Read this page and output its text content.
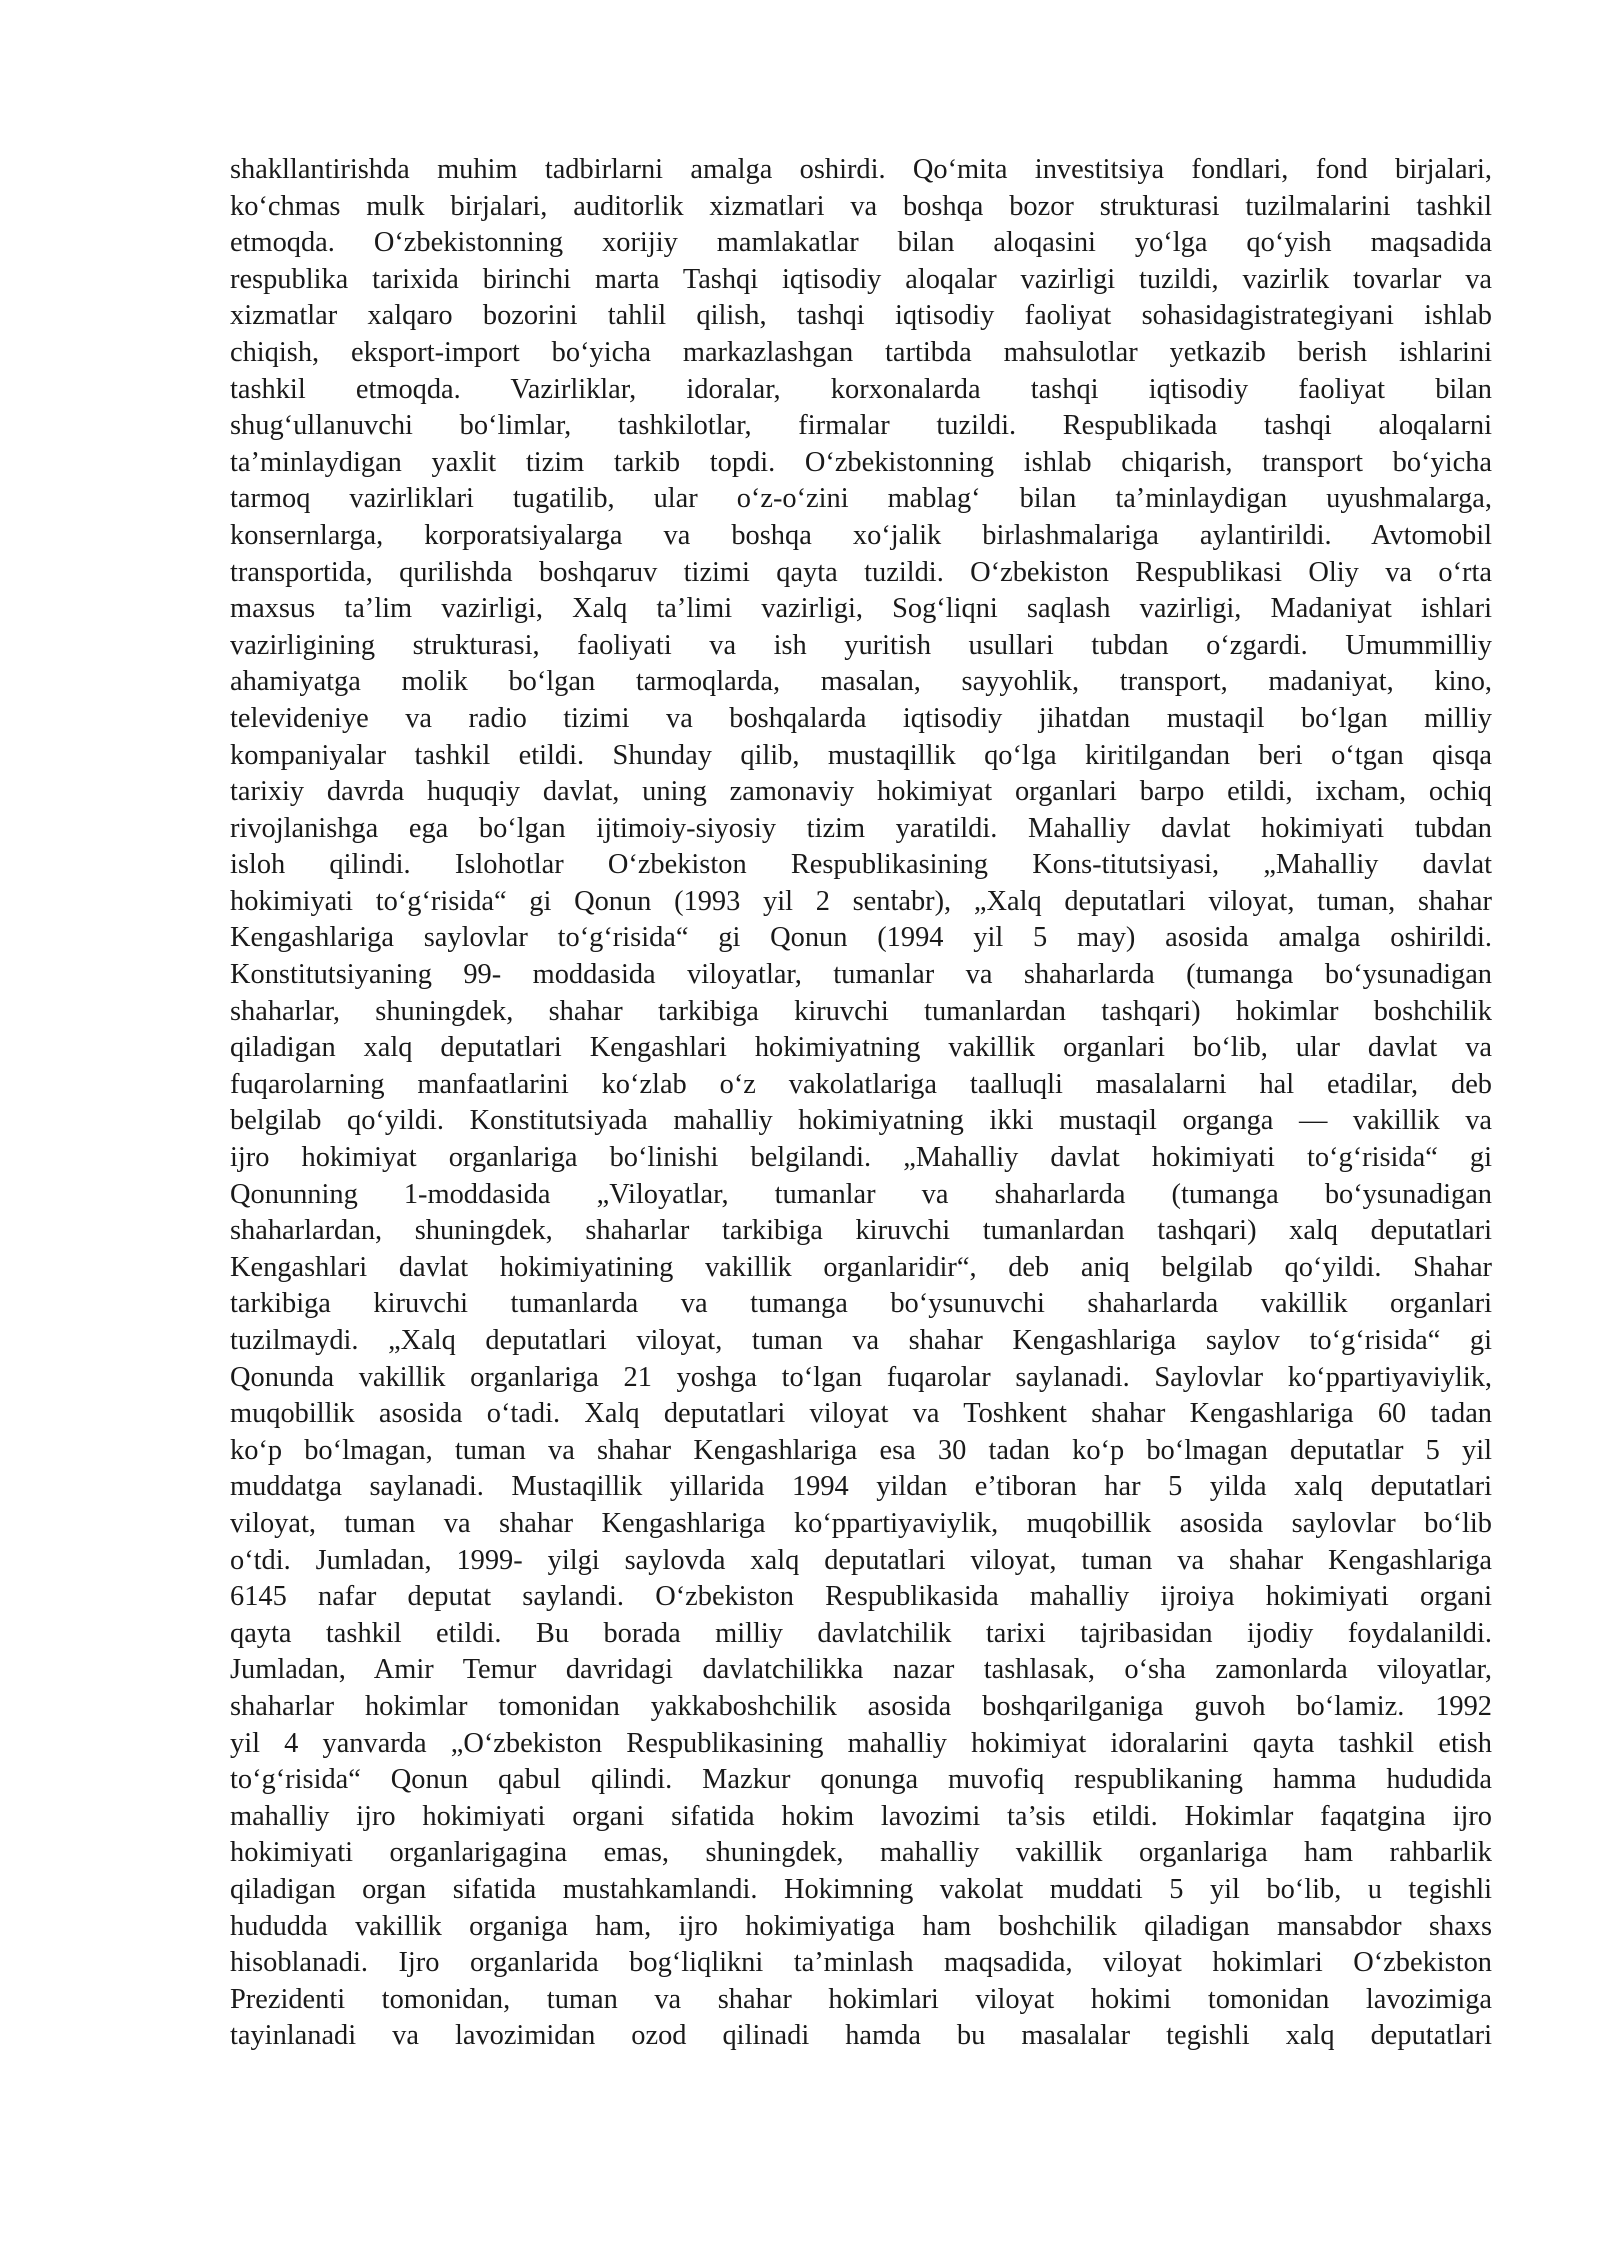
shakllantirishda muhim tadbirlarni amalga oshirdi. Qo‘mita investitsiya fondlari, fond birjalari,
ko‘chmas mulk birjalari, auditorlik xizmatlari va boshqa bozor strukturasi tuzilmalarini tashkil
etmoqda. O‘zbekistonning xorijiy mamlakatlar bilan aloqasini yo‘lga qo‘yish maqsadida
respublika tarixida birinchi marta Tashqi iqtisodiy aloqalar vazirligi tuzildi, vazirlik tovarlar va
xizmatlar xalqaro bozorini tahlil qilish, tashqi iqtisodiy faoliyat sohasidagistrategiyani ishlab
chiqish, eksport-import bo‘yicha markazlashgan tartibda mahsulotlar yetkazib berish ishlarini
tashkil etmoqda. Vazirliklar, idoralar, korxonalarda tashqi iqtisodiy faoliyat bilan
shug‘ullanuvchi bo‘limlar, tashkilotlar, firmalar tuzildi. Respublikada tashqi aloqalarni
ta’minlaydigan yaxlit tizim tarkib topdi. O‘zbekistonning ishlab chiqarish, transport bo‘yicha
tarmoq vazirliklari tugatilib, ular o‘z-o‘zini mablag‘ bilan ta’minlaydigan uyushmalarga,
konsernlarga, korporatsiyalarga va boshqa xo‘jalik birlashmalariga aylantirildi. Avtomobil
transportida, qurilishda boshqaruv tizimi qayta tuzildi. O‘zbekiston Respublikasi Oliy va o‘rta
maxsus ta’lim vazirligi, Xalq ta’limi vazirligi, Sog‘liqni saqlash vazirligi, Madaniyat ishlari
vazirligining strukturasi, faoliyati va ish yuritish usullari tubdan o‘zgardi. Umummilliy
ahamiyatga molik bo‘lgan tarmoqlarda, masalan, sayyohlik, transport, madaniyat, kino,
televideniye va radio tizimi va boshqalarda iqtisodiy jihatdan mustaqil bo‘lgan milliy
kompaniyalar tashkil etildi. Shunday qilib, mustaqillik qo‘lga kiritilgandan beri o‘tgan qisqa
tarixiy davrda huquqiy davlat, uning zamonaviy hokimiyat organlari barpo etildi, ixcham, ochiq
rivojlanishga ega bo‘lgan ijtimoiy-siyosiy tizim yaratildi. Mahalliy davlat hokimiyati tubdan
isloh qilindi. Islohotlar O‘zbekiston Respublikasining Kons-titutsiyasi, „Mahalliy davlat
hokimiyati to‘g‘risida“ gi Qonun (1993 yil 2 sentabr), „Xalq deputatlari viloyat, tuman, shahar
Kengashlariga saylovlar to‘g‘risida“ gi Qonun (1994 yil 5 may) asosida amalga oshirildi.
Konstitutsiyaning 99- moddasida viloyatlar, tumanlar va shaharlarda (tumanga bo‘ysunadigan
shaharlar, shuningdek, shahar tarkibiga kiruvchi tumanlardan tashqari) hokimlar boshchilik
qiladigan xalq deputatlari Kengashlari hokimiyatning vakillik organlari bo‘lib, ular davlat va
fuqarolarning manfaatlarini ko‘zlab o‘z vakolatlariga taalluqli masalalarni hal etadilar, deb
belgilab qo‘yildi. Konstitutsiyada mahalliy hokimiyatning ikki mustaqil organga — vakillik va
ijro hokimiyat organlariga bo‘linishi belgilandi. „Mahalliy davlat hokimiyati to‘g‘risida“ gi
Qonunning 1-moddasida „Viloyatlar, tumanlar va shaharlarda (tumanga bo‘ysunadigan
shaharlardan, shuningdek, shaharlar tarkibiga kiruvchi tumanlardan tashqari) xalq deputatlari
Kengashlari davlat hokimiyatining vakillik organlaridir“, deb aniq belgilab qo‘yildi. Shahar
tarkibiga kiruvchi tumanlarda va tumanga bo‘ysunuvchi shaharlarda vakillik organlari
tuzilmaydi. „Xalq deputatlari viloyat, tuman va shahar Kengashlariga saylov to‘g‘risida“ gi
Qonunda vakillik organlariga 21 yoshga to‘lgan fuqarolar saylanadi. Saylovlar ko‘ppartiyaviylik,
muqobillik asosida o‘tadi. Xalq deputatlari viloyat va Toshkent shahar Kengashlariga 60 tadan
ko‘p bo‘lmagan, tuman va shahar Kengashlariga esa 30 tadan ko‘p bo‘lmagan deputatlar 5 yil
muddatga saylanadi. Mustaqillik yillarida 1994 yildan e’tiboran har 5 yilda xalq deputatlari
viloyat, tuman va shahar Kengashlariga ko‘ppartiyaviylik, muqobillik asosida saylovlar bo‘lib
o‘tdi. Jumladan, 1999- yilgi saylovda xalq deputatlari viloyat, tuman va shahar Kengashlariga
6145 nafar deputat saylandi. O‘zbekiston Respublikasida mahalliy ijroiya hokimiyati organi
qayta tashkil etildi. Bu borada milliy davlatchilik tarixi tajribasidan ijodiy foydalanildi.
Jumladan, Amir Temur davridagi davlatchilikka nazar tashlasak, o‘sha zamonlarda viloyatlar,
shaharlar hokimlar tomonidan yakkaboshchilik asosida boshqarilganiga guvoh bo‘lamiz. 1992
yil 4 yanvarda „O‘zbekiston Respublikasining mahalliy hokimiyat idoralarini qayta tashkil etish
to‘g‘risida“ Qonun qabul qilindi. Mazkur qonunga muvofiq respublikaning hamma hududida
mahalliy ijro hokimiyati organi sifatida hokim lavozimi ta’sis etildi. Hokimlar faqatgina ijro
hokimiyati organlarigagina emas, shuningdek, mahalliy vakillik organlariga ham rahbarlik
qiladigan organ sifatida mustahkamlandi. Hokimning vakolat muddati 5 yil bo‘lib, u tegishli
hududda vakillik organiga ham, ijro hokimiyatiga ham boshchilik qiladigan mansabdor shaxs
hisoblanadi. Ijro organlarida bog‘liqlikni ta’minlash maqsadida, viloyat hokimlari O‘zbekiston
Prezidenti tomonidan, tuman va shahar hokimlari viloyat hokimi tomonidan lavozimiga
tayinlanadi va lavozimidan ozod qilinadi hamda bu masalalar tegishli xalq deputatlari
